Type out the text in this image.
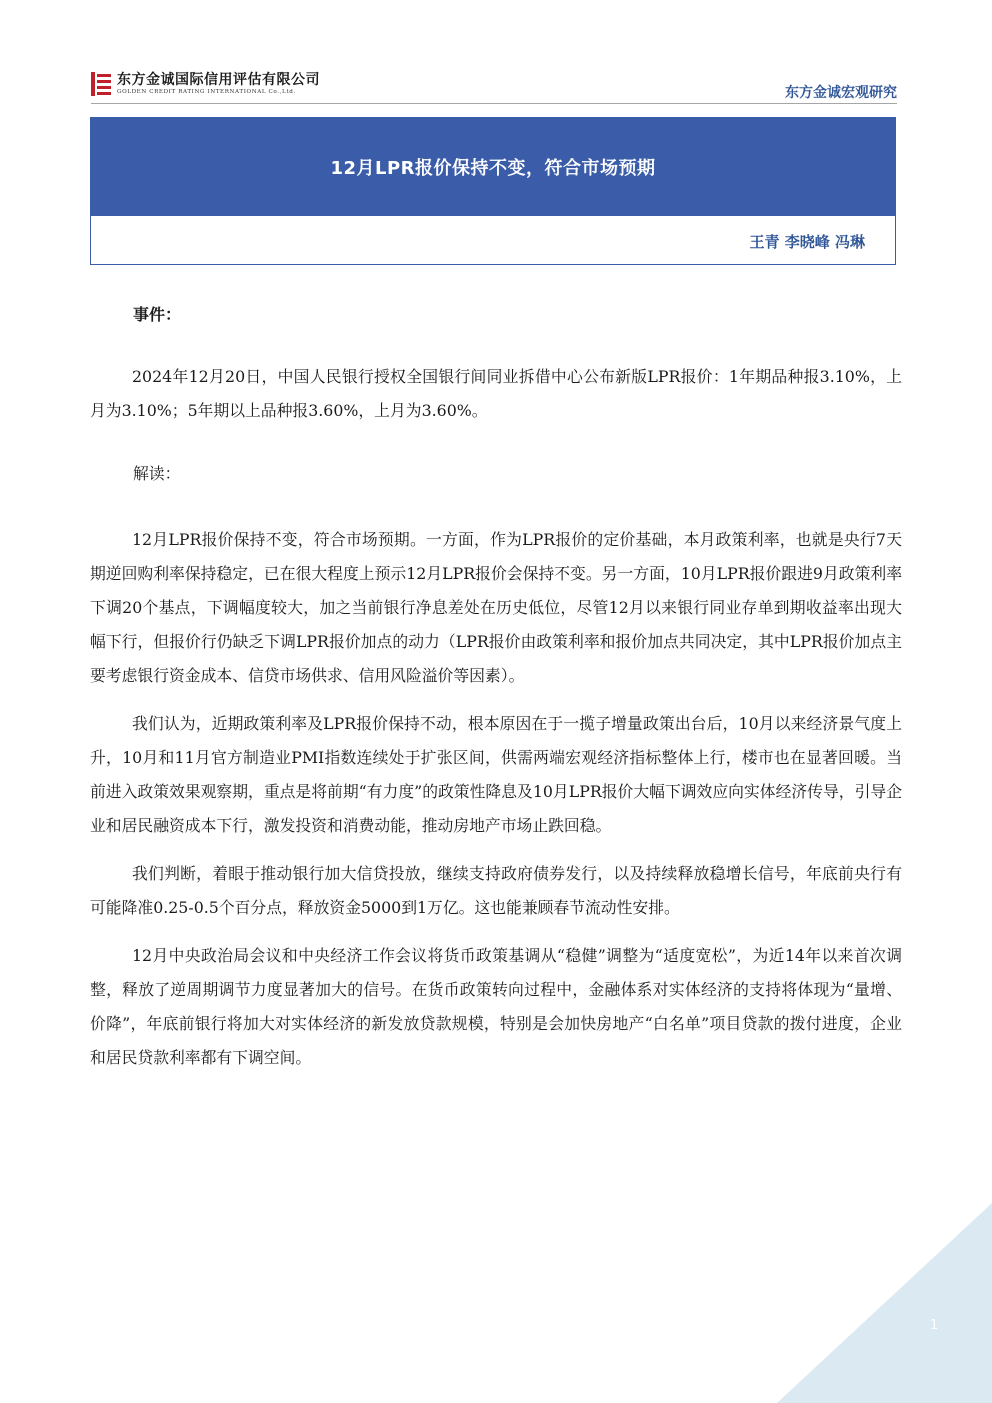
东方金诚国际信用评估有限公司
GOLDEN CREDIT RATING INTERNATIONAL Co.,Ltd.	东方金诚宏观研究
12月LPR报价保持不变，符合市场预期
王青 李晓峰 冯琳
事件：

2024年12月20日，中国人民银行授权全国银行间同业拆借中心公布新版LPR报价：1年期品种报3.10%，上月为3.10%；5年期以上品种报3.60%，上月为3.60%。

解读：

12月LPR报价保持不变，符合市场预期。一方面，作为LPR报价的定价基础，本月政策利率，也就是央行7天期逆回购利率保持稳定，已在很大程度上预示12月LPR报价会保持不变。另一方面，10月LPR报价跟进9月政策利率下调20个基点，下调幅度较大，加之当前银行净息差处在历史低位，尽管12月以来银行同业存单到期收益率出现大幅下行，但报价行仍缺乏下调LPR报价加点的动力（LPR报价由政策利率和报价加点共同决定，其中LPR报价加点主要考虑银行资金成本、信贷市场供求、信用风险溢价等因素）。

我们认为，近期政策利率及LPR报价保持不动，根本原因在于一揽子增量政策出台后，10月以来经济景气度上升，10月和11月官方制造业PMI指数连续处于扩张区间，供需两端宏观经济指标整体上行，楼市也在显著回暖。当前进入政策效果观察期，重点是将前期“有力度”的政策性降息及10月LPR报价大幅下调效应向实体经济传导，引导企业和居民融资成本下行，激发投资和消费动能，推动房地产市场止跌回稳。

我们判断，着眼于推动银行加大信贷投放，继续支持政府债券发行，以及持续释放稳增长信号，年底前央行有可能降准0.25-0.5个百分点，释放资金5000到1万亿。这也能兼顾春节流动性安排。

12月中央政治局会议和中央经济工作会议将货币政策基调从“稳健”调整为“适度宽松”，为近14年以来首次调整，释放了逆周期调节力度显著加大的信号。在货币政策转向过程中，金融体系对实体经济的支持将体现为“量增、价降”，年底前银行将加大对实体经济的新发放贷款规模，特别是会加快房地产“白名单”项目贷款的拨付进度，企业和居民贷款利率都有下调空间。

1
